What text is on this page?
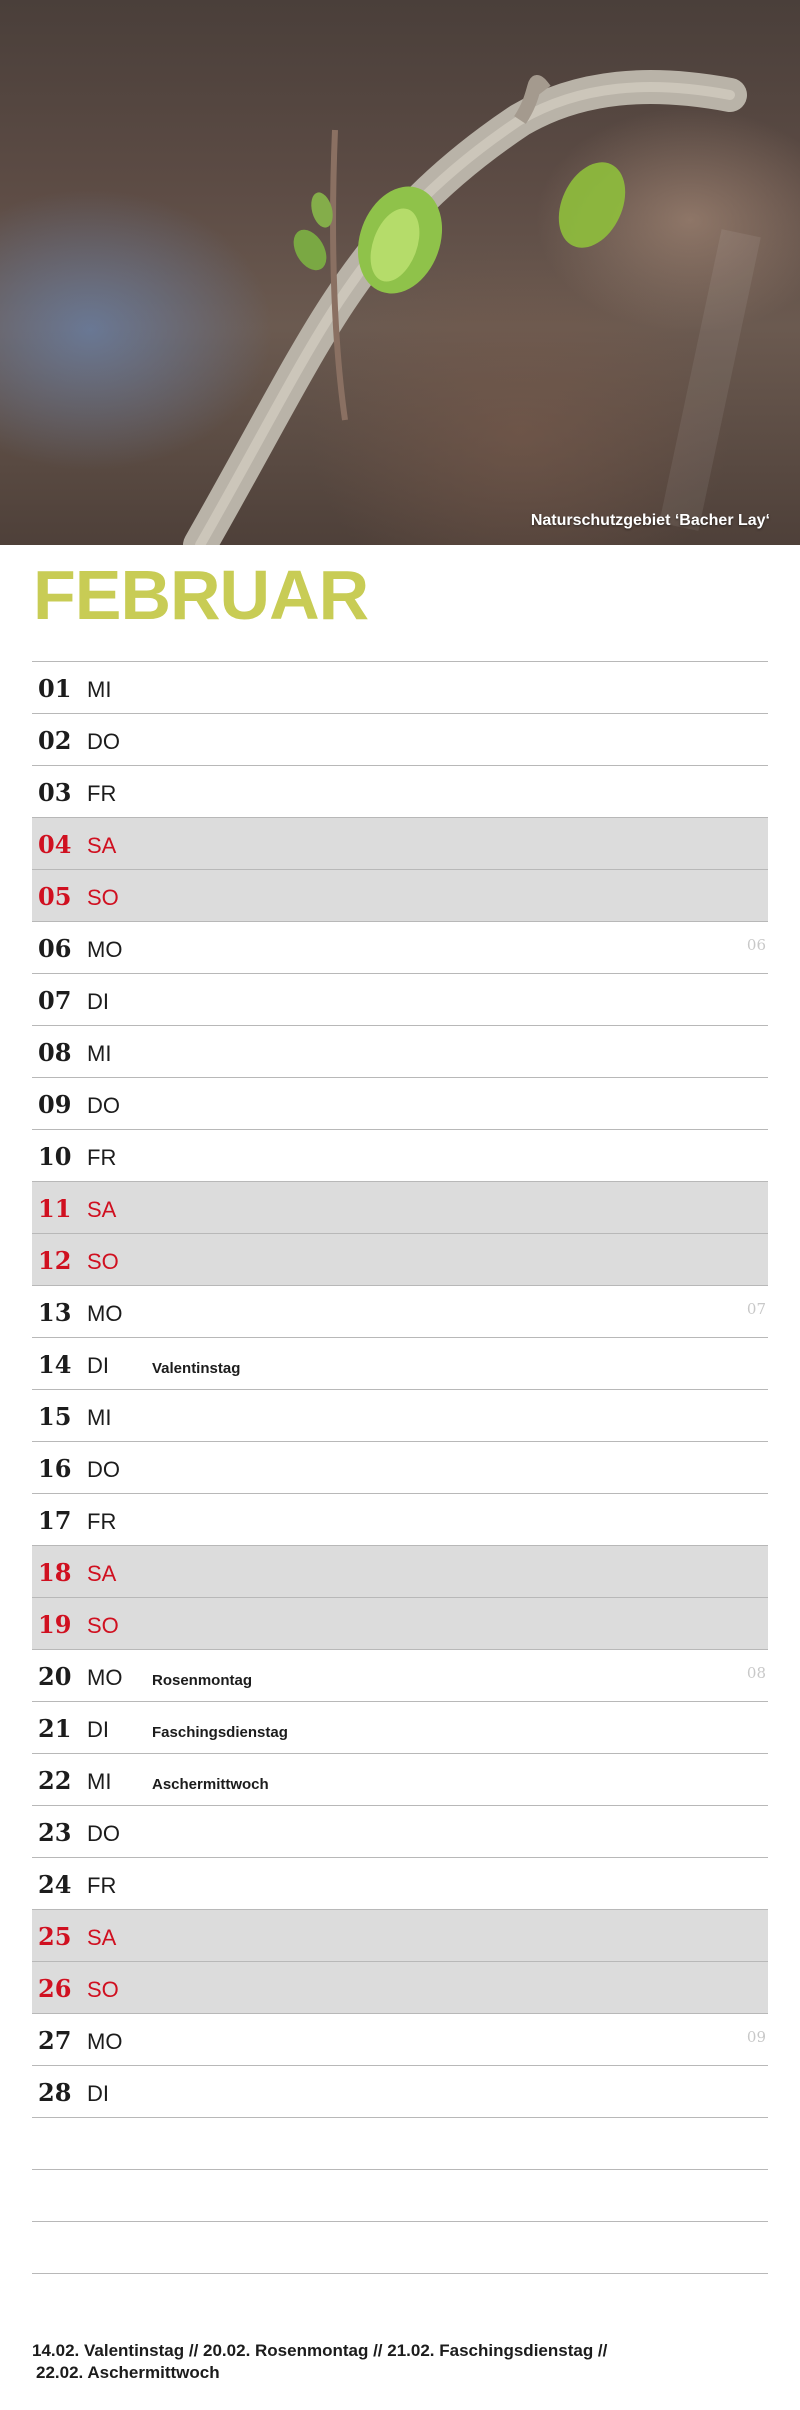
Naturschutzgebiet ‘Bacher Lay‘
FEBRUAR
01 MI
02 DO
03 FR
04 SA
05 SO
06 MO	06
07 DI
08 MI
09 DO
10 FR
11 SA
12 SO
13 MO	07
14 DI	Valentinstag
15 MI
16 DO
17 FR
18 SA
19 SO
20 MO Rosenmontag	08
21 DI	Faschingsdienstag
22 MI	Aschermittwoch
23 DO
24 FR
25 SA
26 SO
27 MO	09
28 DI
14.02. Valentinstag // 20.02. Rosenmontag // 21.02. Faschingsdienstag //
22.02. Aschermittwoch
